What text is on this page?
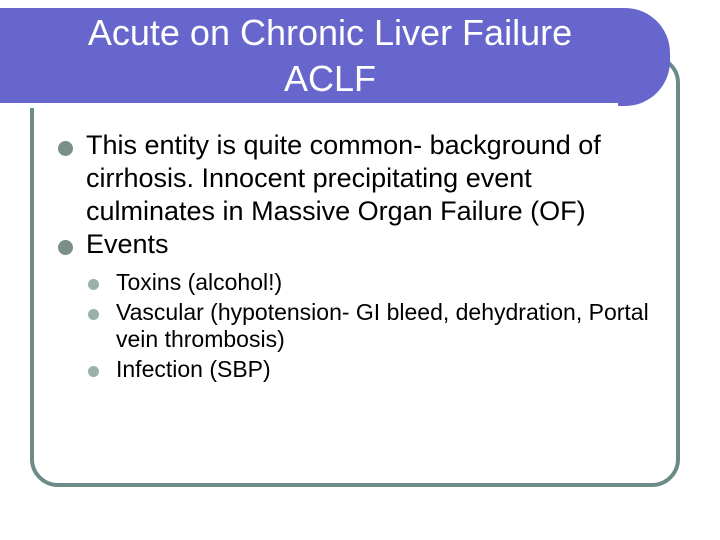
Acute on Chronic Liver Failure
ACLF
This entity is quite common- background of cirrhosis. Innocent precipitating event culminates in Massive Organ Failure (OF)
Events
Toxins (alcohol!)
Vascular (hypotension- GI bleed, dehydration, Portal vein thrombosis)
Infection (SBP)
